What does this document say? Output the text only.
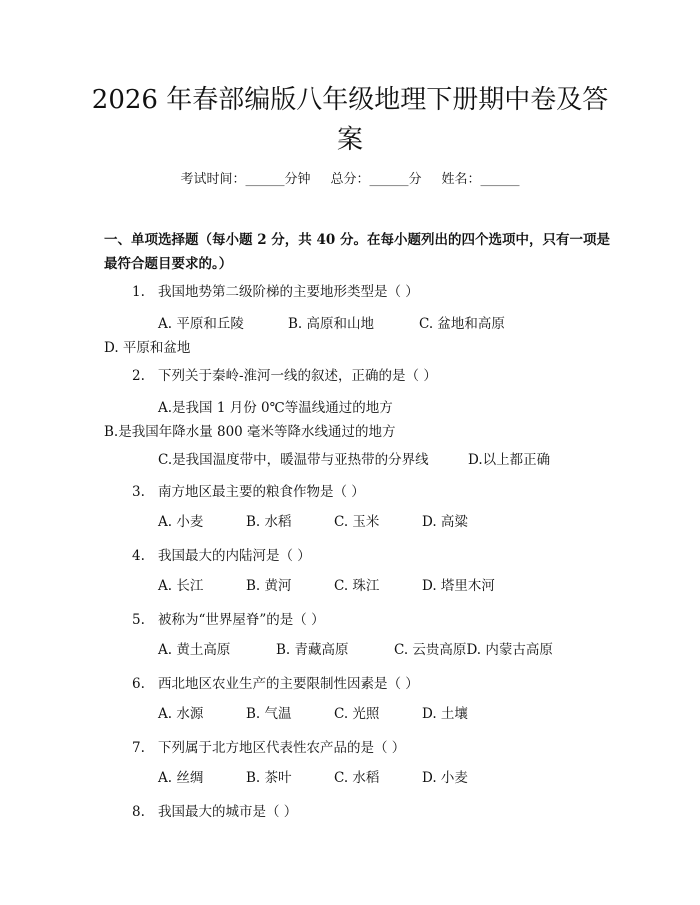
2026 年春部编版八年级地理下册期中卷及答案
考试时间：______分钟 总分：______分 姓名：______
一、单项选择题（每小题 2 分，共 40 分。在每小题列出的四个选项中，只有一项是最符合题目要求的。）
1. 我国地势第二级阶梯的主要地形类型是（ ）
A. 平原和丘陵	B. 高原和山地	C. 盆地和高原D. 平原和盆地
2. 下列关于秦岭-淮河一线的叙述，正确的是（ ）
A.是我国 1 月份 0℃等温线通过的地方B.是我国年降水量 800 毫米等降水线通过的地方
C.是我国温度带中，暖温带与亚热带的分界线	D.以上都正确
3. 南方地区最主要的粮食作物是（ ）
A. 小麦	B. 水稻	C. 玉米	D. 高粱
4. 我国最大的内陆河是（ ）
A. 长江	B. 黄河	C. 珠江	D. 塔里木河
5. 被称为“世界屋脊”的是（ ）
A. 黄土高原	B. 青藏高原	C. 云贵高原D. 内蒙古高原
6. 西北地区农业生产的主要限制性因素是（ ）
A. 水源	B. 气温	C. 光照	D. 土壤
7. 下列属于北方地区代表性农产品的是（ ）
A. 丝绸	B. 茶叶	C. 水稻	D. 小麦
8. 我国最大的城市是（ ）
